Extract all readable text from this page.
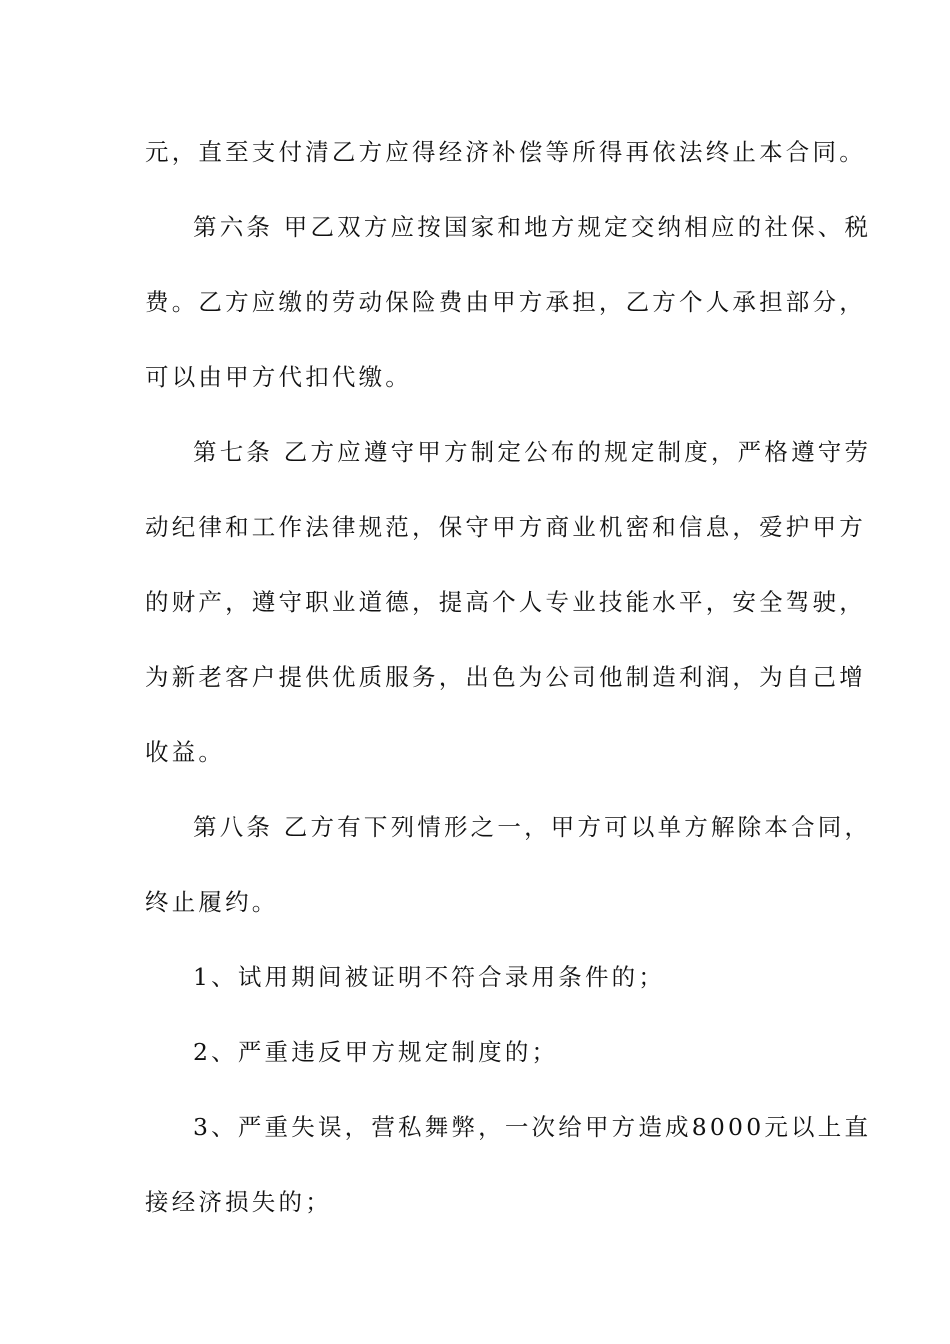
元，直至支付清乙方应得经济补偿等所得再依法终止本合同。
第六条 甲乙双方应按国家和地方规定交纳相应的社保、税
费。乙方应缴的劳动保险费由甲方承担，乙方个人承担部分，
可以由甲方代扣代缴。
第七条 乙方应遵守甲方制定公布的规定制度，严格遵守劳
动纪律和工作法律规范，保守甲方商业机密和信息，爱护甲方
的财产，遵守职业道德，提高个人专业技能水平，安全驾驶，
为新老客户提供优质服务，出色为公司他制造利润，为自己增
收益。
第八条 乙方有下列情形之一，甲方可以单方解除本合同，
终止履约。
1、试用期间被证明不符合录用条件的；
2、严重违反甲方规定制度的；
3、严重失误，营私舞弊，一次给甲方造成8000元以上直
接经济损失的；
